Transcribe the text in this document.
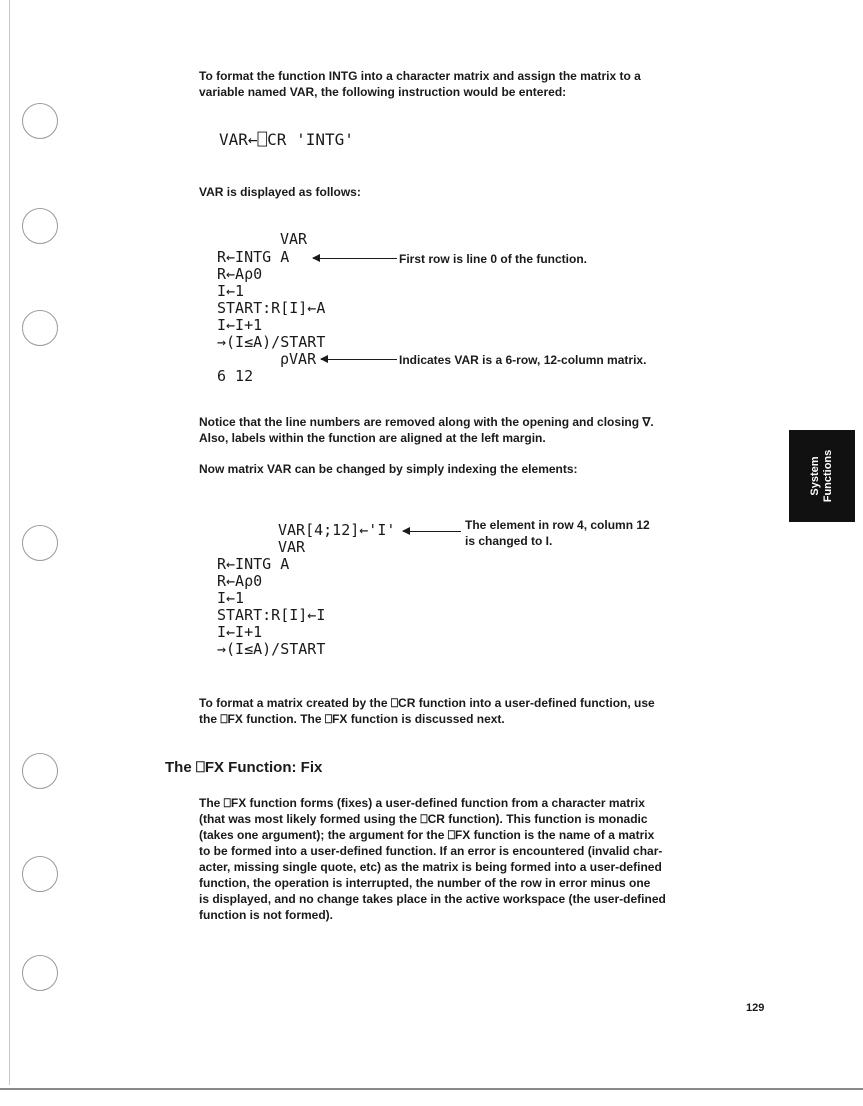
To format the function INTG into a character matrix and assign the matrix to a
variable named VAR, the following instruction would be entered:
VAR←⎕CR 'INTG'
VAR is displayed as follows:
VAR
R←INTG A
R←Aρ0
I←1
START:R[I]←A
I←I+1
→(I≤A)/START
ρVAR
6 12
First row is line 0 of the function.
Indicates VAR is a 6-row, 12-column matrix.
Notice that the line numbers are removed along with the opening and closing ∇.
Also, labels within the function are aligned at the left margin.
Now matrix VAR can be changed by simply indexing the elements:
VAR[4;12]←'I'
VAR
R←INTG A
R←Aρ0
I←1
START:R[I]←I
I←I+1
→(I≤A)/START
The element in row 4, column 12
is changed to I.
To format a matrix created by the ⎕CR function into a user-defined function, use
the ⎕FX function. The ⎕FX function is discussed next.
The ⎕FX Function: Fix
The ⎕FX function forms (fixes) a user-defined function from a character matrix
(that was most likely formed using the ⎕CR function). This function is monadic
(takes one argument); the argument for the ⎕FX function is the name of a matrix
to be formed into a user-defined function. If an error is encountered (invalid char-
acter, missing single quote, etc) as the matrix is being formed into a user-defined
function, the operation is interrupted, the number of the row in error minus one
is displayed, and no change takes place in the active workspace (the user-defined
function is not formed).
System Functions
129
